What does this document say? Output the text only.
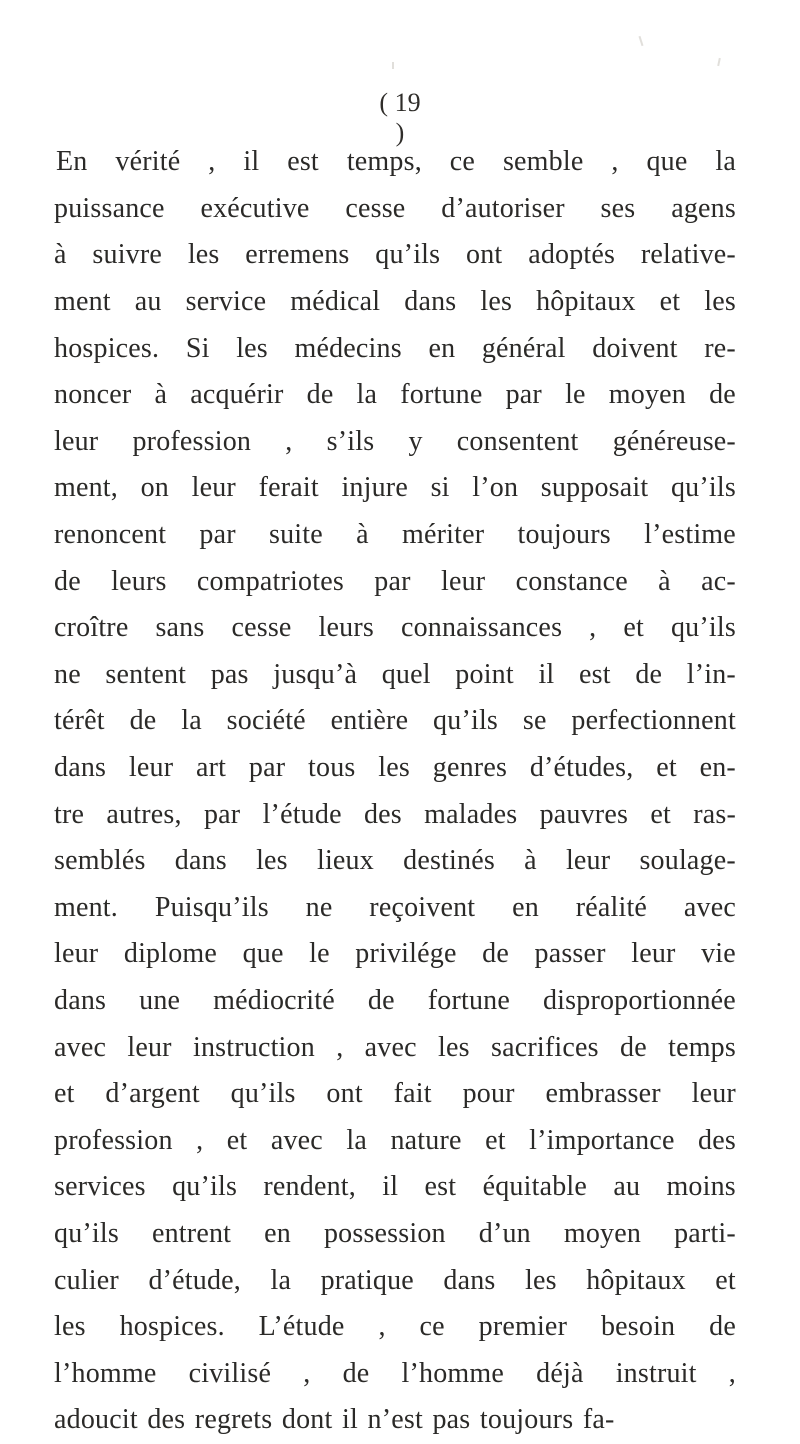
( 19 )
En vérité , il est temps, ce semble , que la
puissance exécutive cesse d’autoriser ses agens
à suivre les erremens qu’ils ont adoptés relative-
ment au service médical dans les hôpitaux et les
hospices. Si les médecins en général doivent re-
noncer à acquérir de la fortune par le moyen de
leur profession , s’ils y consentent généreuse-
ment, on leur ferait injure si l’on supposait qu’ils
renoncent par suite à mériter toujours l’estime
de leurs compatriotes par leur constance à ac-
croître sans cesse leurs connaissances , et qu’ils
ne sentent pas jusqu’à quel point il est de l’in-
térêt de la société entière qu’ils se perfectionnent
dans leur art par tous les genres d’études, et en-
tre autres, par l’étude des malades pauvres et ras-
semblés dans les lieux destinés à leur soulage-
ment. Puisqu’ils ne reçoivent en réalité avec
leur diplome que le privilége de passer leur vie
dans une médiocrité de fortune disproportionnée
avec leur instruction , avec les sacrifices de temps
et d’argent qu’ils ont fait pour embrasser leur
profession , et avec la nature et l’importance des
services qu’ils rendent, il est équitable au moins
qu’ils entrent en possession d’un moyen parti-
culier d’étude, la pratique dans les hôpitaux et
les hospices. L’étude , ce premier besoin de
l’homme civilisé , de l’homme déjà instruit ,
adoucit des regrets dont il n’est pas toujours fa-
